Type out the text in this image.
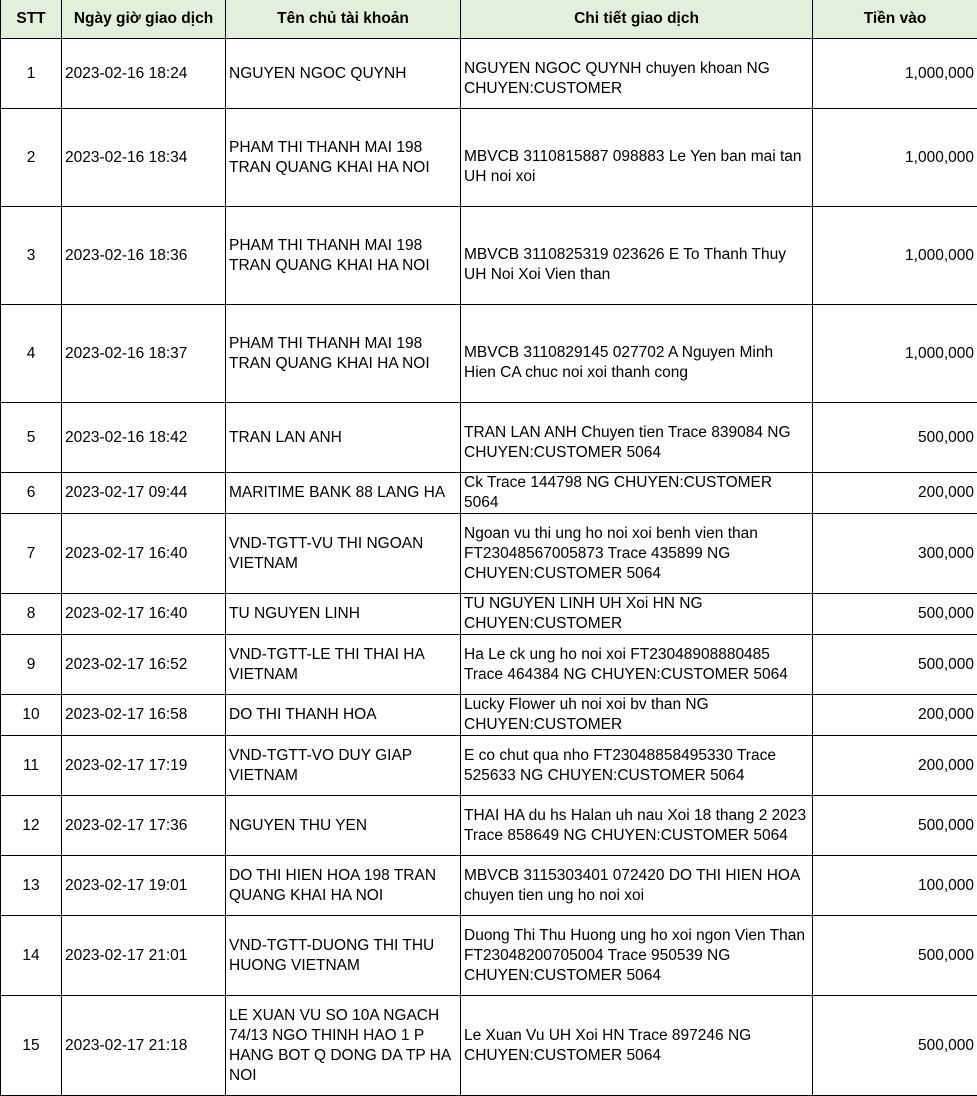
STT	Ngày giờ giao dịch	Tên chủ tài khoản	Chi tiết giao dịch	Tiền vào
1	2023-02-16 18:24	NGUYEN NGOC QUYNH	NGUYEN NGOC QUYNH chuyen khoan NG CHUYEN:CUSTOMER	1,000,000
2	2023-02-16 18:34	PHAM THI THANH MAI 198 TRAN QUANG KHAI HA NOI	MBVCB 3110815887 098883 Le Yen ban mai tan UH noi xoi	1,000,000
3	2023-02-16 18:36	PHAM THI THANH MAI 198 TRAN QUANG KHAI HA NOI	MBVCB 3110825319 023626 E To Thanh Thuy UH Noi Xoi Vien than	1,000,000
4	2023-02-16 18:37	PHAM THI THANH MAI 198 TRAN QUANG KHAI HA NOI	MBVCB 3110829145 027702 A Nguyen Minh Hien CA chuc noi xoi thanh cong	1,000,000
5	2023-02-16 18:42	TRAN LAN ANH	TRAN LAN ANH Chuyen tien Trace 839084 NG CHUYEN:CUSTOMER 5064	500,000
6	2023-02-17 09:44	MARITIME BANK 88 LANG HA	Ck Trace 144798 NG CHUYEN:CUSTOMER 5064	200,000
7	2023-02-17 16:40	VND-TGTT-VU THI NGOAN VIETNAM	Ngoan vu thi ung ho noi xoi benh vien than FT23048567005873 Trace 435899 NG CHUYEN:CUSTOMER 5064	300,000
8	2023-02-17 16:40	TU NGUYEN LINH	TU NGUYEN LINH UH Xoi HN NG CHUYEN:CUSTOMER	500,000
9	2023-02-17 16:52	VND-TGTT-LE THI THAI HA VIETNAM	Ha Le ck ung ho noi xoi FT23048908880485 Trace 464384 NG CHUYEN:CUSTOMER 5064	500,000
10	2023-02-17 16:58	DO THI THANH HOA	Lucky Flower uh noi xoi bv than NG CHUYEN:CUSTOMER	200,000
11	2023-02-17 17:19	VND-TGTT-VO DUY GIAP VIETNAM	E co chut qua nho FT23048858495330 Trace 525633 NG CHUYEN:CUSTOMER 5064	200,000
12	2023-02-17 17:36	NGUYEN THU YEN	THAI HA du hs Halan uh nau Xoi 18 thang 2 2023 Trace 858649 NG CHUYEN:CUSTOMER 5064	500,000
13	2023-02-17 19:01	DO THI HIEN HOA 198 TRAN QUANG KHAI HA NOI	MBVCB 3115303401 072420 DO THI HIEN HOA chuyen tien ung ho noi xoi	100,000
14	2023-02-17 21:01	VND-TGTT-DUONG THI THU HUONG VIETNAM	Duong Thi Thu Huong ung ho xoi ngon Vien Than FT23048200705004 Trace 950539 NG CHUYEN:CUSTOMER 5064	500,000
15	2023-02-17 21:18	LE XUAN VU SO 10A NGACH 74/13 NGO THINH HAO 1 P HANG BOT Q DONG DA TP HA NOI	Le Xuan Vu UH Xoi HN Trace 897246 NG CHUYEN:CUSTOMER 5064	500,000
